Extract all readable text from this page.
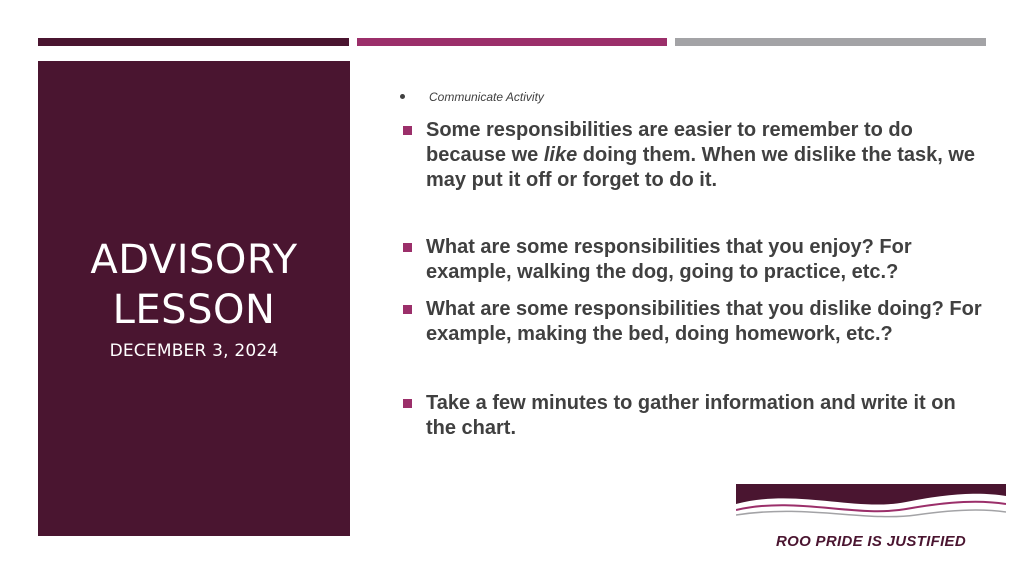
ADVISORY
LESSON
DECEMBER 3, 2024
Communicate Activity
Some responsibilities are easier to remember to do because we like doing them. When we dislike the task, we may put it off or forget to do it.
What are some responsibilities that you enjoy? For example, walking the dog, going to practice, etc.?
What are some responsibilities that you dislike doing? For example, making the bed, doing homework, etc.?
Take a few minutes to gather information and write it on the chart.
ROO PRIDE IS JUSTIFIED
